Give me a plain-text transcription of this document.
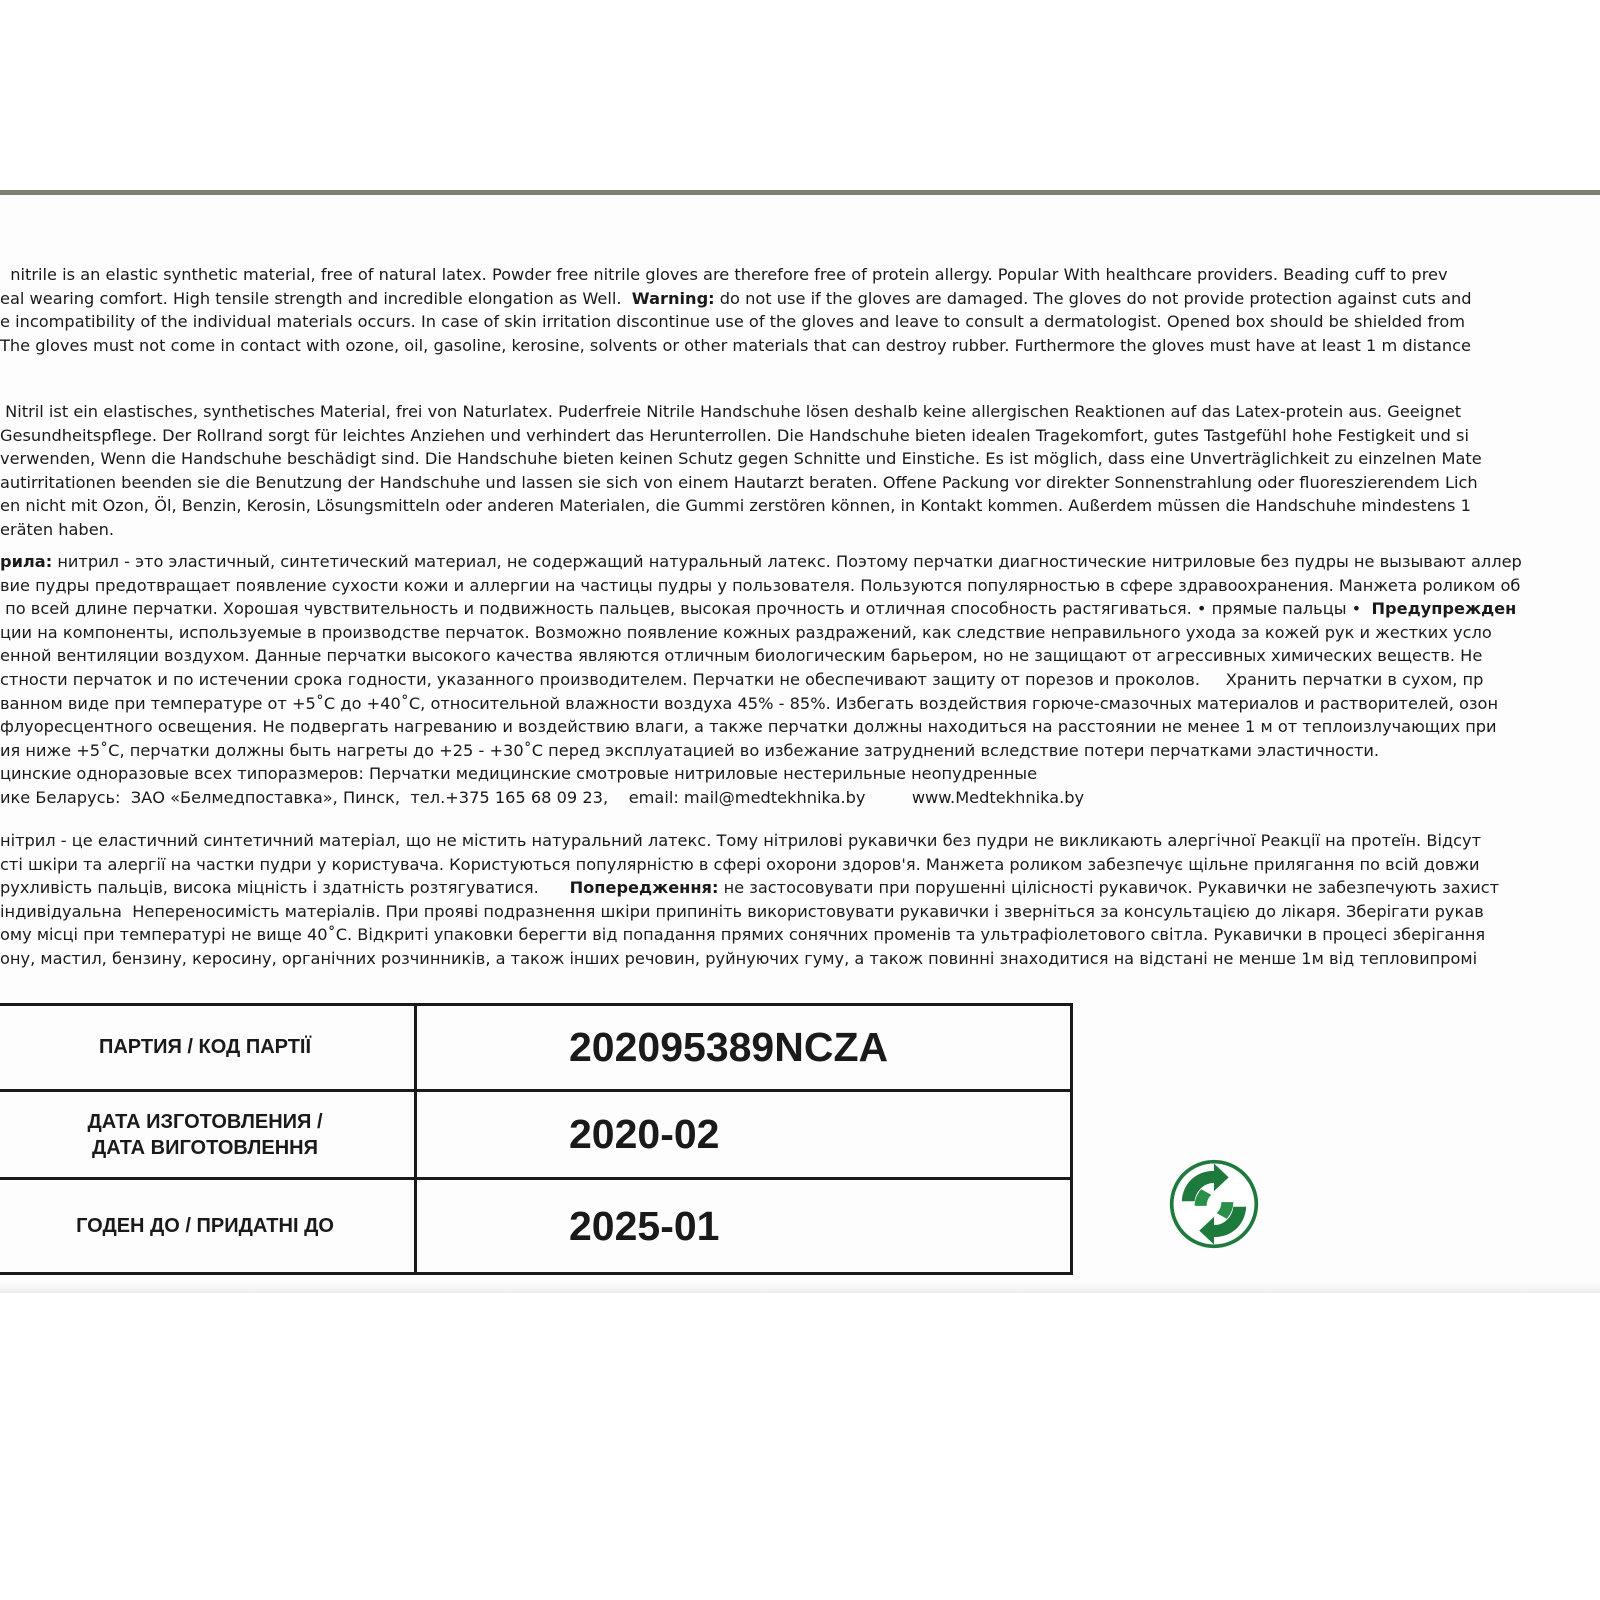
nitrile is an elastic synthetic material, free of natural latex. Powder free nitrile gloves are therefore free of protein allergy. Popular With healthcare providers. Beading cuff to prev
eal wearing comfort. High tensile strength and incredible elongation as Well.  Warning: do not use if the gloves are damaged. The gloves do not provide protection against cuts and
e incompatibility of the individual materials occurs. In case of skin irritation discontinue use of the gloves and leave to consult a dermatologist. Opened box should be shielded from
The gloves must not come in contact with ozone, oil, gasoline, kerosine, solvents or other materials that can destroy rubber. Furthermore the gloves must have at least 1 m distance
Nitril ist ein elastisches, synthetisches Material, frei von Naturlatex. Puderfreie Nitrile Handschuhe lösen deshalb keine allergischen Reaktionen auf das Latex-protein aus. Geeignet
Gesundheitspflege. Der Rollrand sorgt für leichtes Anziehen und verhindert das Herunterrollen. Die Handschuhe bieten idealen Tragekomfort, gutes Tastgefühl hohe Festigkeit und si
verwenden, Wenn die Handschuhe beschädigt sind. Die Handschuhe bieten keinen Schutz gegen Schnitte und Einstiche. Es ist möglich, dass eine Unverträglichkeit zu einzelnen Mate
autirritationen beenden sie die Benutzung der Handschuhe und lassen sie sich von einem Hautarzt beraten. Offene Packung vor direkter Sonnenstrahlung oder fluoreszierendem Lich
en nicht mit Ozon, Öl, Benzin, Kerosin, Lösungsmitteln oder anderen Materialen, die Gummi zerstören können, in Kontakt kommen. Außerdem müssen die Handschuhe mindestens 1
eräten haben.
рила: нитрил - это эластичный, синтетический материал, не содержащий натуральный латекс. Поэтому перчатки диагностические нитриловые без пудры не вызывают аллер
вие пудры предотвращает появление сухости кожи и аллергии на частицы пудры у пользователя. Пользуются популярностью в сфере здравоохранения. Манжета роликом об
по всей длине перчатки. Хорошая чувствительность и подвижность пальцев, высокая прочность и отличная способность растягиваться. • прямые пальцы •  Предупрежден
ции на компоненты, используемые в производстве перчаток. Возможно появление кожных раздражений, как следствие неправильного ухода за кожей рук и жестких усло
енной вентиляции воздухом. Данные перчатки высокого качества являются отличным биологическим барьером, но не защищают от агрессивных химических веществ. Не
стности перчаток и по истечении срока годности, указанного производителем. Перчатки не обеспечивают защиту от порезов и проколов.     Хранить перчатки в сухом, пр
ванном виде при температуре от +5˚С до +40˚С, относительной влажности воздуха 45% - 85%. Избегать воздействия горюче-смазочных материалов и растворителей, озон
флуоресцентного освещения. Не подвергать нагреванию и воздействию влаги, а также перчатки должны находиться на расстоянии не менее 1 м от теплоизлучающих при
ия ниже +5˚С, перчатки должны быть нагреты до +25 - +30˚С перед эксплуатацией во избежание затруднений вследствие потери перчатками эластичности.
цинские одноразовые всех типоразмеров: Перчатки медицинские смотровые нитриловые нестерильные неопудренные
ике Беларусь:  ЗАО «Белмедпоставка», Пинск,  тел.+375 165 68 09 23,    email: mail@medtekhnika.by         www.Medtekhnika.by
нітрил - це еластичний синтетичний матеріал, що не містить натуральний латекс. Тому нітрилові рукавички без пудри не викликають алергічної Реакції на протеїн. Відсут
сті шкіри та алергії на частки пудри у користувача. Користуються популярністю в сфері охорони здоров'я. Манжета роликом забезпечує щільне прилягання по всій довжи
рухливість пальців, висока міцність і здатність розтягуватися.      Попередження: не застосовувати при порушенні цілісності рукавичок. Рукавички не забезпечують захист
індивідуальна  Непереносимість матеріалів. При прояві подразнення шкіри припиніть використовувати рукавички і зверніться за консультацією до лікаря. Зберігати рукав
ому місці при температурі не вище 40˚С. Відкриті упаковки берегти від попадання прямих сонячних променів та ультрафіолетового світла. Рукавички в процесі зберігання
ону, мастил, бензину, керосину, органічних розчинників, а також інших речовин, руйнуючих гуму, а також повинні знаходитися на відстані не менше 1м від тепловипромі
ПАРТИЯ / КОД ПАРТІЇ	202095389NCZA

ДАТА ИЗГОТОВЛЕНИЯ /
ДАТА ВИГОТОВЛЕННЯ	2020-02
ГОДЕН ДО / ПРИДАТНІ ДО	2025-01
